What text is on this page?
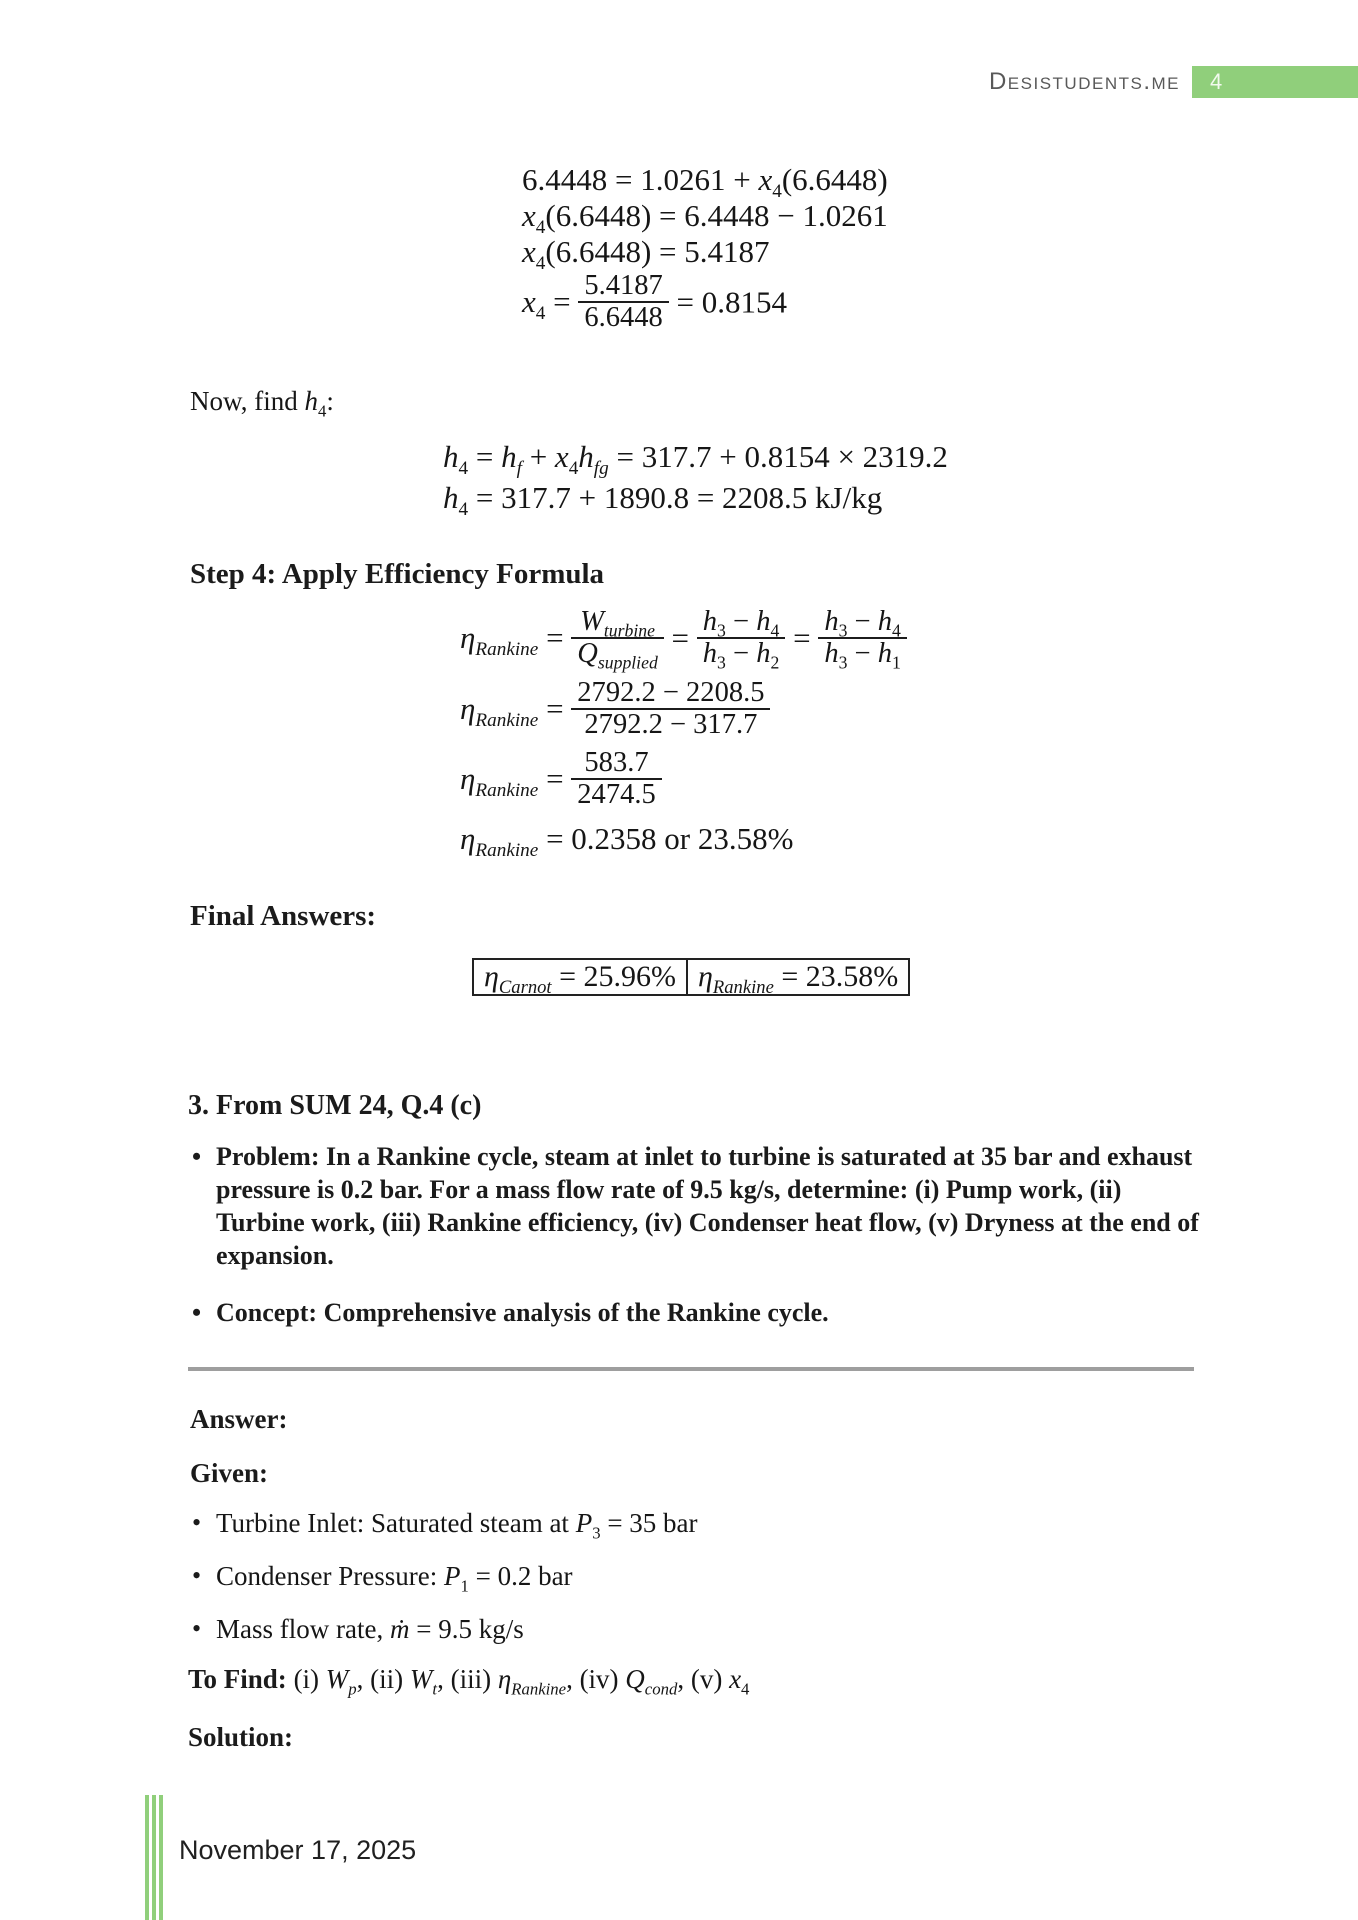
Desistudents.me	4
$6.4448 = 1.0261 + x_4(6.6448)$
$x_4(6.6448) = 6.4448 - 1.0261$
$x_4(6.6448) = 5.4187$
$x_4 = \frac{5.4187}{6.6448} = 0.8154$
Now, find $h_4$:
$h_4 = h_f + x_4h_{fg} = 317.7 + 0.8154 \times 2319.2$
$h_4 = 317.7 + 1890.8 = 2208.5$ kJ/kg
Step 4: Apply Efficiency Formula
$\eta_{Rankine} = \frac{W_{turbine}}{Q_{supplied}} = \frac{h_3 - h_4}{h_3 - h_2} = \frac{h_3 - h_4}{h_3 - h_1}$
$\eta_{Rankine} = \frac{2792.2 - 2208.5}{2792.2 - 317.7}$
$\eta_{Rankine} = \frac{583.7}{2474.5}$
$\eta_{Rankine} = 0.2358$ or 23.58%
Final Answers:
$\eta_{Carnot} = 25.96\%$ $\eta_{Rankine} = 23.58\%$
3. From SUM 24, Q.4 (c)
• Problem: In a Rankine cycle, steam at inlet to turbine is saturated at 35 bar and exhaust pressure is 0.2 bar. For a mass flow rate of 9.5 kg/s, determine: (i) Pump work, (ii) Turbine work, (iii) Rankine efficiency, (iv) Condenser heat flow, (v) Dryness at the end of expansion.
• Concept: Comprehensive analysis of the Rankine cycle.
Answer:
Given:
• Turbine Inlet: Saturated steam at $P_3 = 35$ bar
• Condenser Pressure: $P_1 = 0.2$ bar
• Mass flow rate, ṁ = 9.5 kg/s
To Find: (i) $W_p$, (ii) $W_t$, (iii) $\eta_{Rankine}$, (iv) $Q_{cond}$, (v) $x_4$
Solution:
November 17, 2025
